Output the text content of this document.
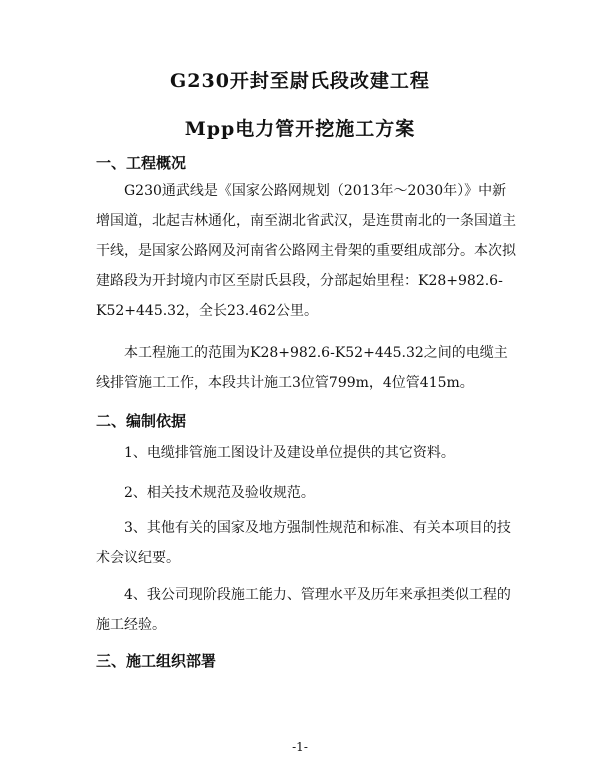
G230开封至尉氏段改建工程
Mpp电力管开挖施工方案
一、工程概况
G230通武线是《国家公路网规划（2013年～2030年）》中新增国道，北起吉林通化，南至湖北省武汉，是连贯南北的一条国道主干线，是国家公路网及河南省公路网主骨架的重要组成部分。本次拟建路段为开封境内市区至尉氏县段，分部起始里程：K28+982.6-K52+445.32，全长23.462公里。
本工程施工的范围为K28+982.6-K52+445.32之间的电缆主线排管施工工作，本段共计施工3位管799m，4位管415m。
二、编制依据
1、电缆排管施工图设计及建设单位提供的其它资料。
2、相关技术规范及验收规范。
3、其他有关的国家及地方强制性规范和标准、有关本项目的技术会议纪要。
4、我公司现阶段施工能力、管理水平及历年来承担类似工程的施工经验。
三、施工组织部署
-1-
